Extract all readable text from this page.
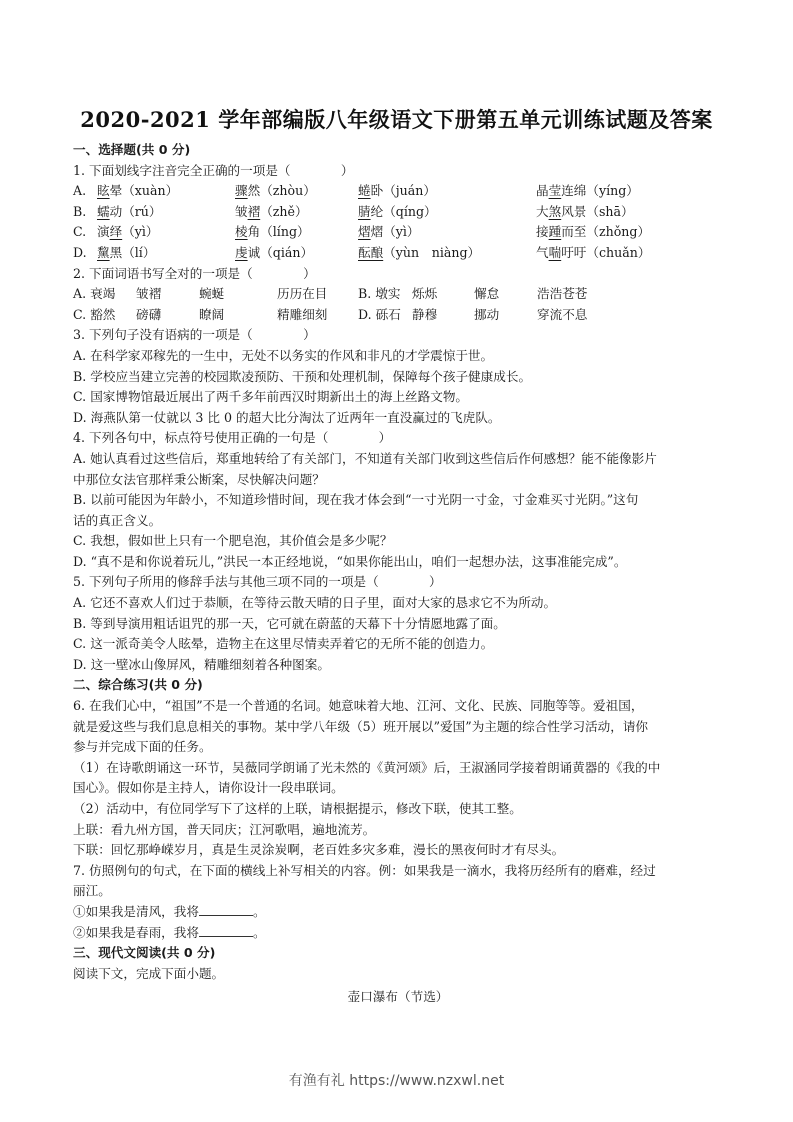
2020-2021 学年部编版八年级语文下册第五单元训练试题及答案
一、选择题(共 0 分)
1. 下面划线字注音完全正确的一项是（　　　　）
A. 眩晕（xuàn）	骤然（zhòu）	蜷卧（juán）	晶莹连绵（yíng）
B. 蠕动（rú）	皱褶（zhě）	腈纶（qíng）	大煞风景（shā）
C. 演绎（yì）	棱角（líng）	熠熠（yì）	接踵而至（zhǒng）
D. 黧黑（lí）	虔诚（qián）	酝酿（yùn　niàng）	气喘吁吁（chuǎn）
2. 下面词语书写全对的一项是（　　　　）
A. 衰竭 皱褶	蜿蜒	历历在目 B. 墩实 烁烁	懈怠	浩浩苍苍
C. 豁然 磅礴	瞭阔	精雕细刻 D. 砾石 静穆	挪动	穿流不息
3. 下列句子没有语病的一项是（　　　　）
A. 在科学家邓稼先的一生中，无处不以务实的作风和非凡的才学震惊于世。
B. 学校应当建立完善的校园欺凌预防、干预和处理机制，保障每个孩子健康成长。
C. 国家博物馆最近展出了两千多年前西汉时期新出土的海上丝路文物。
D. 海燕队第一仗就以 3 比 0 的超大比分淘汰了近两年一直没赢过的飞虎队。
4. 下列各句中，标点符号使用正确的一句是（　　　　）
A. 她认真看过这些信后，郑重地转给了有关部门，不知道有关部门收到这些信后作何感想？能不能像影片
中那位女法官那样秉公断案，尽快解决问题？
B. 以前可能因为年龄小，不知道珍惜时间，现在我才体会到“一寸光阴一寸金，寸金难买寸光阴。”这句
话的真正含义。
C. 我想，假如世上只有一个肥皂泡，其价值会是多少呢？
D. “真不是和你说着玩儿，”洪民一本正经地说，“如果你能出山，咱们一起想办法，这事准能完成”。
5. 下列句子所用的修辞手法与其他三项不同的一项是（　　　　）
A. 它还不喜欢人们过于恭顺，在等待云散天晴的日子里，面对大家的恳求它不为所动。
B. 等到导演用粗话诅咒的那一天，它可就在蔚蓝的天幕下十分情愿地露了面。
C. 这一派奇美令人眩晕，造物主在这里尽情卖弄着它的无所不能的创造力。
D. 这一壁冰山像屏风，精雕细刻着各种图案。
二、综合练习(共 0 分)
6. 在我们心中，“祖国”不是一个普通的名词。她意味着大地、江河、文化、民族、同胞等等。爱祖国，
就是爱这些与我们息息相关的事物。某中学八年级（5）班开展以”爱国”为主题的综合性学习活动，请你
参与并完成下面的任务。
（1）在诗歌朗诵这一环节，吴薇同学朗诵了光未然的《黄河颂》后，王淑涵同学接着朗诵黄器的《我的中
国心》。假如你是主持人，请你设计一段串联词。
（2）活动中，有位同学写下了这样的上联，请根据提示，修改下联，使其工整。
上联：看九州方国，普天同庆；江河歌唱，遍地流芳。
下联：回忆那峥嵘岁月，真是生灵涂炭啊，老百姓多灾多难，漫长的黑夜何时才有尽头。
7. 仿照例句的句式，在下面的横线上补写相关的内容。例：如果我是一滴水，我将历经所有的磨难，经过
丽江。
①如果我是清风，我将	。
②如果我是春雨，我将	。
三、现代文阅读(共 0 分)
阅读下文，完成下面小题。
壶口瀑布（节选）
有渔有礼 https://www.nzxwl.net
